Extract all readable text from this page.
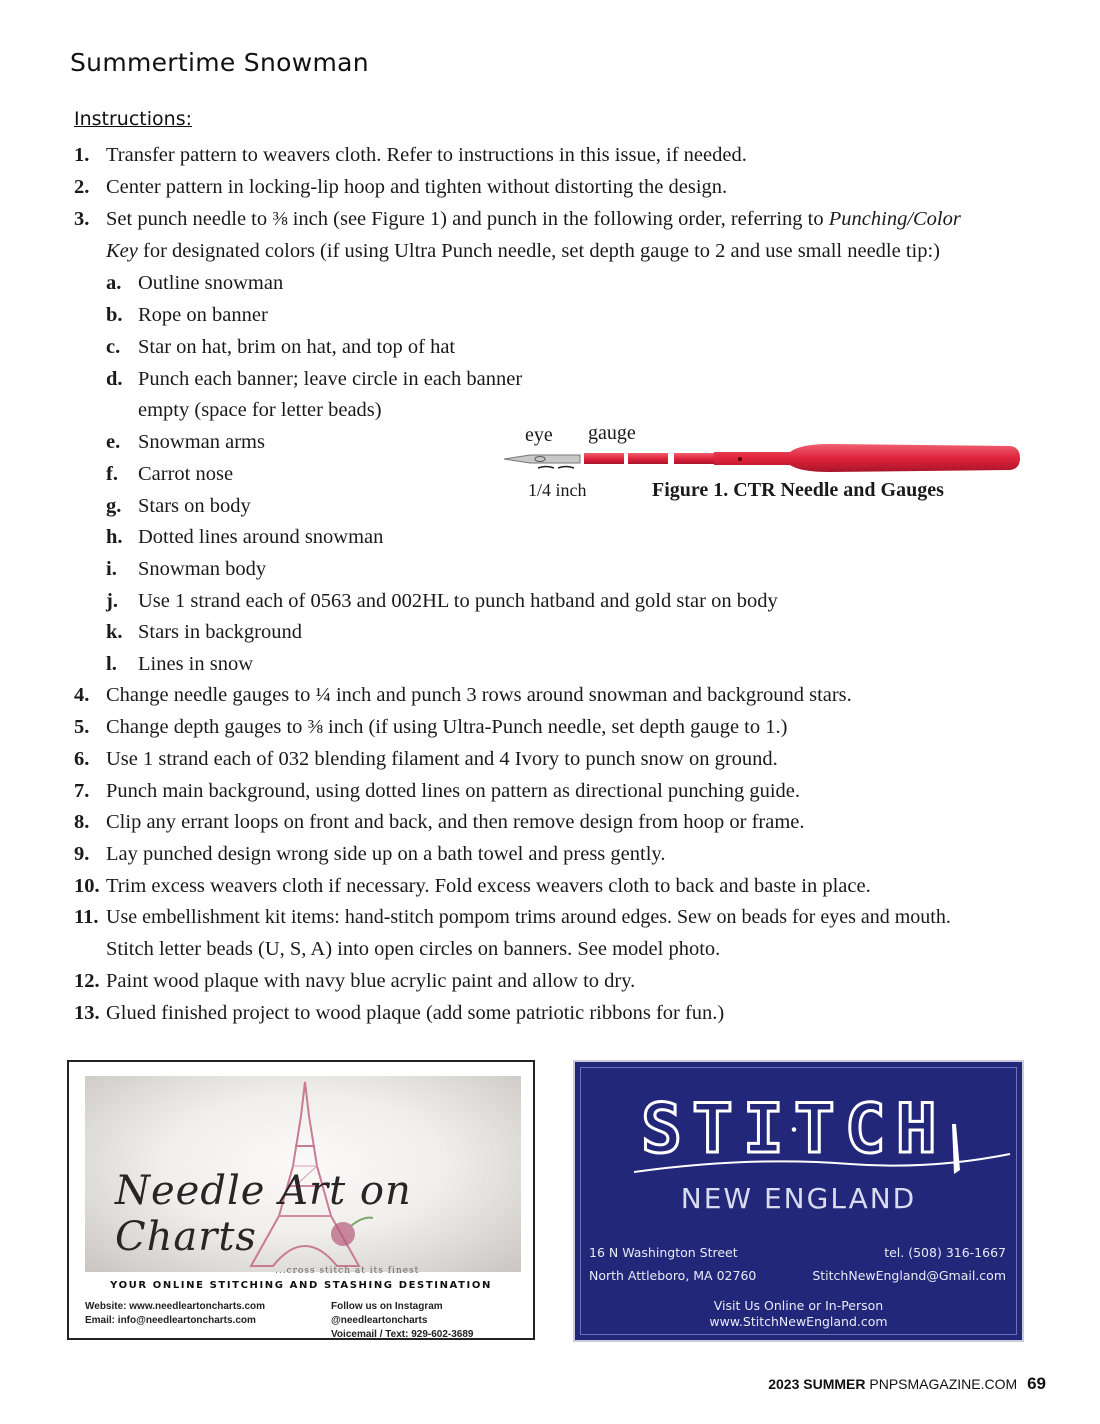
Summertime Snowman
Instructions:
1. Transfer pattern to weavers cloth. Refer to instructions in this issue, if needed.
2. Center pattern in locking-lip hoop and tighten without distorting the design.
3. Set punch needle to ⅜ inch (see Figure 1) and punch in the following order, referring to Punching/Color
Key for designated colors (if using Ultra Punch needle, set depth gauge to 2 and use small needle tip:)
a. Outline snowman
b. Rope on banner
c. Star on hat, brim on hat, and top of hat
d. Punch each banner; leave circle in each banner
empty (space for letter beads)
e. Snowman arms
f. Carrot nose
g. Stars on body
h. Dotted lines around snowman
i. Snowman body
j. Use 1 strand each of 0563 and 002HL to punch hatband and gold star on body
k. Stars in background
l. Lines in snow
4. Change needle gauges to ¼ inch and punch 3 rows around snowman and background stars.
5. Change depth gauges to ⅜ inch (if using Ultra-Punch needle, set depth gauge to 1.)
6. Use 1 strand each of 032 blending filament and 4 Ivory to punch snow on ground.
7. Punch main background, using dotted lines on pattern as directional punching guide.
8. Clip any errant loops on front and back, and then remove design from hoop or frame.
9. Lay punched design wrong side up on a bath towel and press gently.
10. Trim excess weavers cloth if necessary. Fold excess weavers cloth to back and baste in place.
11. Use embellishment kit items: hand-stitch pompom trims around edges. Sew on beads for eyes and mouth.
Stitch letter beads (U, S, A) into open circles on banners. See model photo.
12. Paint wood plaque with navy blue acrylic paint and allow to dry.
13. Glued finished project to wood plaque (add some patriotic ribbons for fun.)
eye gauge
1/4 inch	Figure 1. CTR Needle and Gauges
Needle Art on Charts
...cross stitch at its finest
YOUR ONLINE STITCHING AND STASHING DESTINATION
Website: www.needleartoncharts.com
Email: info@needleartoncharts.com
Follow us on Instagram @needleartoncharts
Voicemail / Text: 929-602-3689
STITCH
NEW ENGLAND
16 N Washington Street
North Attleboro, MA 02760
tel. (508) 316-1667
StitchNewEngland@Gmail.com
Visit Us Online or In-Person
www.StitchNewEngland.com
2023 SUMMER PNPSMAGAZINE.COM 69
